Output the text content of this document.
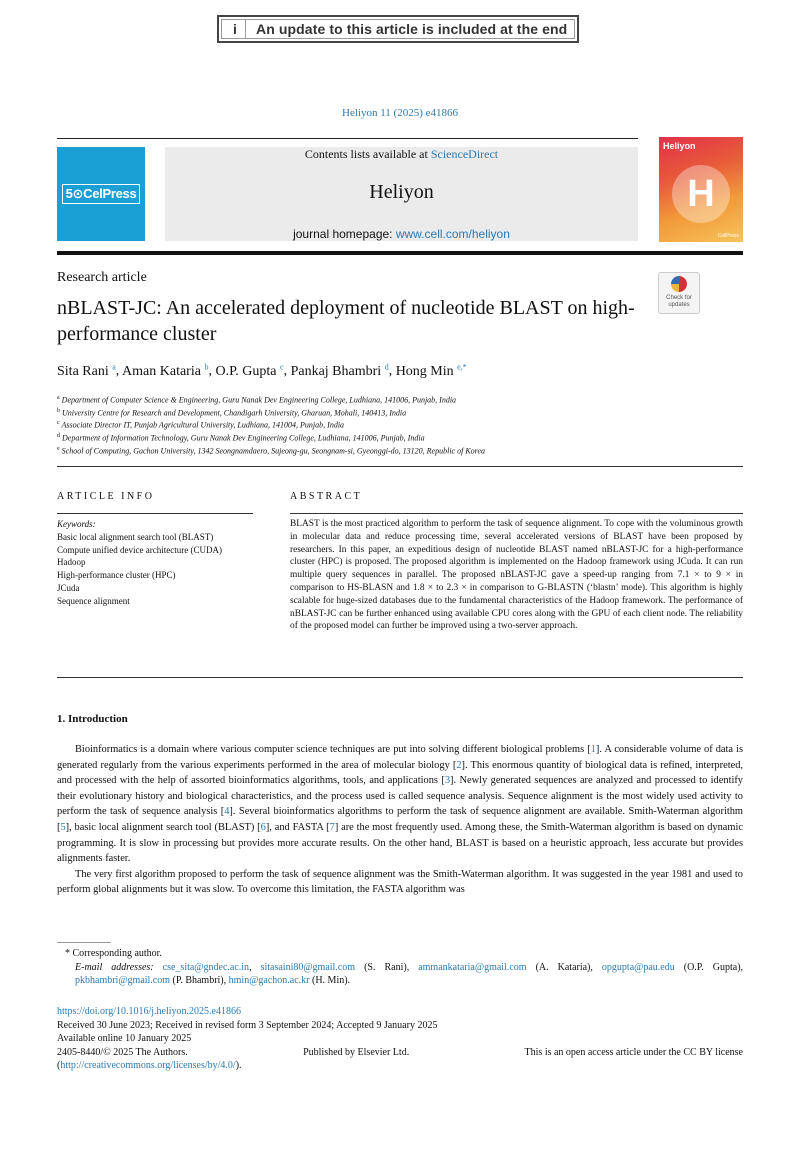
i	An update to this article is included at the end
Heliyon 11 (2025) e41866
5⊙CelPress
Contents lists available at ScienceDirect
Heliyon
journal homepage: www.cell.com/heliyon
Heliyon
H
CellPress
Research article
nBLAST-JC: An accelerated deployment of nucleotide BLAST on high-performance cluster
Check for updates
Sita Rani $^a$, Aman Kataria $^b$, O.P. Gupta $^c$, Pankaj Bhambri $^d$, Hong Min $^{e,*}$
$^a$ Department of Computer Science & Engineering, Guru Nanak Dev Engineering College, Ludhiana, 141006, Punjab, India
$^b$ University Centre for Research and Development, Chandigarh University, Gharuan, Mohali, 140413, India
$^c$ Associate Director IT, Punjab Agricultural University, Ludhiana, 141004, Punjab, India
$^d$ Department of Information Technology, Guru Nanak Dev Engineering College, Ludhiana, 141006, Punjab, India
$^e$ School of Computing, Gachon University, 1342 Seongnamdaero, Sujeong-gu, Seongnam-si, Gyeonggi-do, 13120, Republic of Korea
ARTICLE INFO	ABSTRACT
Keywords:
Basic local alignment search tool (BLAST)
Compute unified device architecture (CUDA)
Hadoop
High-performance cluster (HPC)
JCuda
Sequence alignment
BLAST is the most practiced algorithm to perform the task of sequence alignment. To cope with the voluminous growth in molecular data and reduce processing time, several accelerated versions of BLAST have been proposed by researchers. In this paper, an expeditious design of nucleotide BLAST named nBLAST-JC for a high-performance cluster (HPC) is proposed. The proposed algorithm is implemented on the Hadoop framework using JCuda. It can run multiple query sequences in parallel. The proposed nBLAST-JC gave a speed-up ranging from 7.1 × to 9 × in comparison to HS-BLASN and 1.8 × to 2.3 × in comparison to G-BLASTN (‘blastn’ mode). This algorithm is highly scalable for huge-sized databases due to the fundamental characteristics of the Hadoop framework. The performance of nBLAST-JC can be further enhanced using available CPU cores along with the GPU of each client node. The reliability of the proposed model can further be improved using a two-server approach.
1. Introduction

Bioinformatics is a domain where various computer science techniques are put into solving different biological problems [1]. A considerable volume of data is generated regularly from the various experiments performed in the area of molecular biology [2]. This enormous quantity of biological data is refined, interpreted, and processed with the help of assorted bioinformatics algorithms, tools, and applications [3]. Newly generated sequences are analyzed and processed to identify their evolutionary history and biological characteristics, and the process used is called sequence analysis. Sequence alignment is the most widely used activity to perform the task of sequence analysis [4]. Several bioinformatics algorithms to perform the task of sequence alignment are available. Smith-Waterman algorithm [5], basic local alignment search tool (BLAST) [6], and FASTA [7] are the most frequently used. Among these, the Smith-Waterman algorithm is based on dynamic programming. It is slow in processing but provides more accurate results. On the other hand, BLAST is based on a heuristic approach, less accurate but provides alignments faster.

The very first algorithm proposed to perform the task of sequence alignment was the Smith-Waterman algorithm. It was suggested in the year 1981 and used to perform global alignments but it was slow. To overcome this limitation, the FASTA algorithm was

* Corresponding author.
E-mail addresses: cse_sita@gndec.ac.in, sitasaini80@gmail.com (S. Rani), ammankataria@gmail.com (A. Kataria), opgupta@pau.edu (O.P. Gupta), pkbhambri@gmail.com (P. Bhambri), hmin@gachon.ac.kr (H. Min).
https://doi.org/10.1016/j.heliyon.2025.e41866
Received 30 June 2023; Received in revised form 3 September 2024; Accepted 9 January 2025
Available online 10 January 2025
2405-8440/© 2025 The Authors.	Published by Elsevier Ltd.	This is an open access article under the CC BY license
(http://creativecommons.org/licenses/by/4.0/).
